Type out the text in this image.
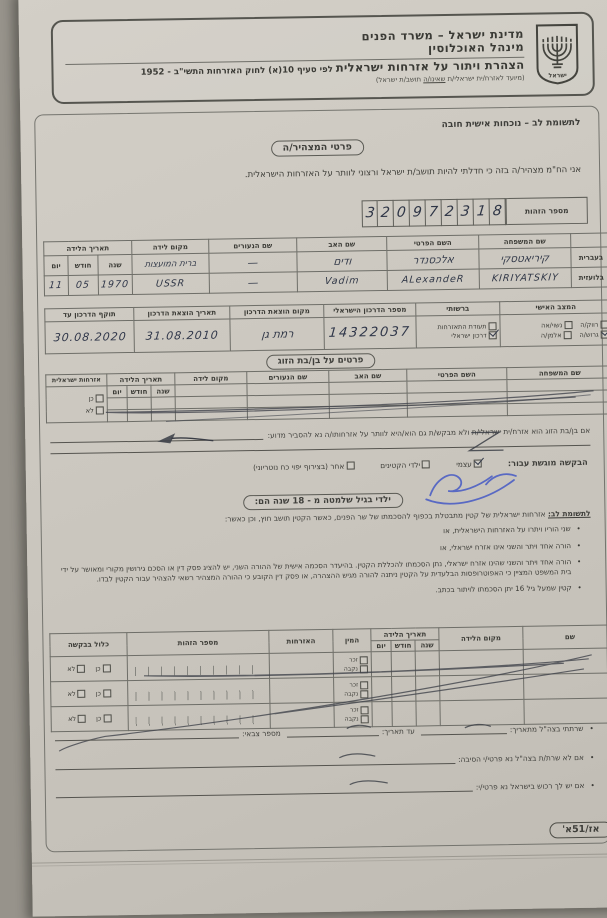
ישראל
מדינת ישראל – משרד הפנים
מינהל האוכלוסין
הצהרת ויתור על אזרחות ישראלית לפי סעיף 10(א) לחוק האזרחות התשי"ב - 1952
(מיועד לאזרח/ית ישראלי/ת שאינו/ה תושב/ת ישראל)
לתשומת לב – נוכחות אישית חובה
פרטי המצהיר/ה
אני הח"מ מצהיר/ה בזה כי חדלתי להיות תושב/ת ישראל ורצוני לוותר על האזרחות הישראלית.
3 2 0 9 7 2 3 1 8	מספר הזהות
	שם המשפחה	השם הפרטי	שם האב	שם הנעורים	מקום לידה	תאריך הלידה		
בעברית	קיריאטסקי	אלכסנדר	ודים	—	ברית המועצות	שנה	חודש	יום
בלועזית	KIRIYATSKIY	ALexandeR	Vadim	—	USSR	1970	05	11
המצב האישי	ברשותי	מספר הדרכון הישראלי	מקום הוצאת הדרכון	תאריך הוצאת הדרכון	תוקף הדרכון עד

רווק/ה
נשוי/אה
גרוש/ה
אלמן/ה

תעודת התאזרחות
דרכון ישראלי
	14322037	רמת גן	31.08.2010	30.08.2020
פרטים על בן/בת הזוג
שם המשפחה	השם הפרטי	שם האב	שם הנעורים	מקום לידה	תאריך הלידה			אזרחות ישראלית
					שנה	חודש	יום	כן
לא

אם בן/בת הזוג הוא אזרח/ית ישראלי/ת ולא מבקש/ת גם הוא/היא לוותר על אזרחותו/ה נא להסביר מדוע:
הבקשה מוגשת עבור:
עצמי
ילדי הקטינים
אחר (בצירוף יפוי כח נוטריוני)
ילדי בגיל שלמטה מ - 18 שנה הם:
לתשומת לב: אזרחות ישראלית של קטין מתבטלת בכפוף להסכמתו של שר הפנים, כאשר הקטין תושב חוץ, וכן כאשר:
• שני הוריו ויתרו על האזרחות הישראלית, או
• הורה אחד ויתר והשני אינו אזרח ישראלי, או
• הורה אחד ויתר והשני שהינו אזרח ישראלי, נתן הסכמתו להכללת הקטין. בהיעדר הסכמה אישית של ההורה השני, יש להציג פסק דין או הסכם גירושין מקורי ומאושר על ידי בית המשפט המציין כי האפוטרופסות הבלעדית על הקטין ניתנה להורה מגיש ההצהרה, או פסק דין הקובע כי ההורה המצהיר רשאי להצהיר עבור הקטין לבדו.
• קטין שמעל גיל 16 יתן הסכמתו לויתור בכתב.
שם	מקום הלידה	תאריך הלידה			המין	האזרחות	מספר הזהות	כלול בבקשה
		שנה	חודש	יום				

					זכר
נקבה			כן
לא

					זכר
נקבה			כן
לא

					זכר
נקבה			כן
לא
•
שרתתי בצה"ל מתאריך:
עד תאריך:
מספר צבאי:
•
אם לא שרת/ת בצה"ל נא פרטי/י הסיבה:
•
אם יש לך רכוש בישראל נא פרטי/י:
אז/51א'
